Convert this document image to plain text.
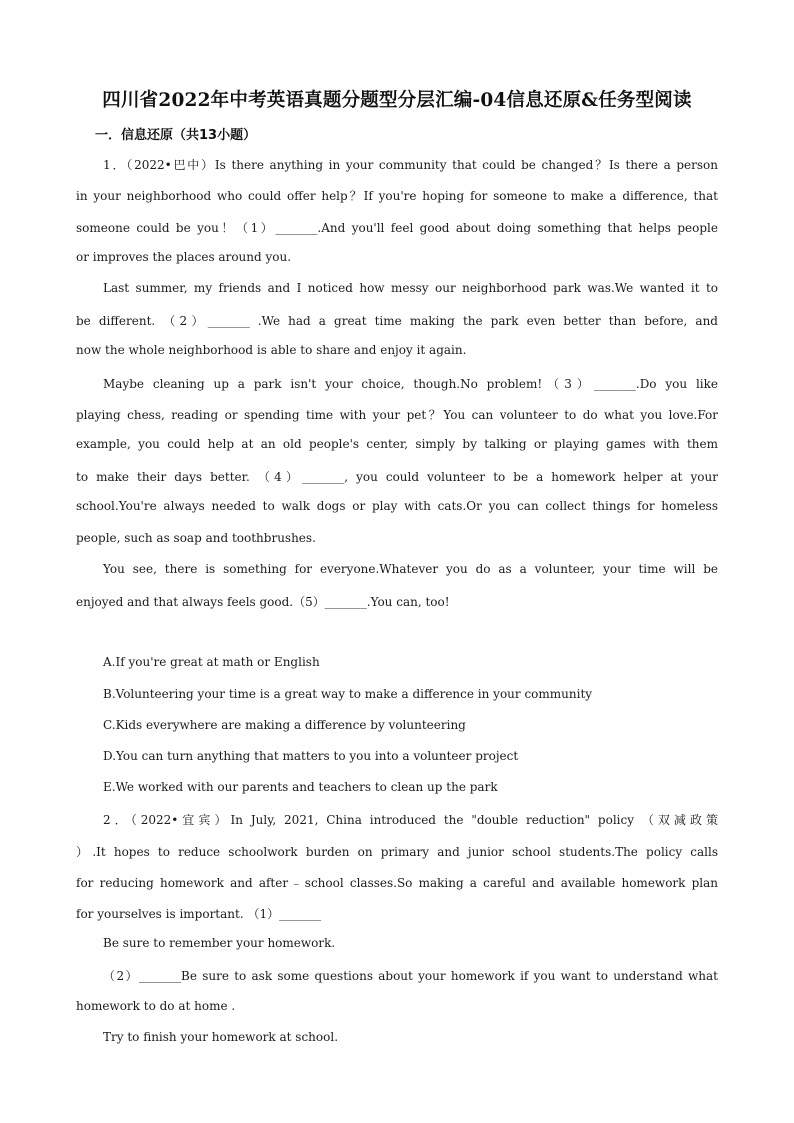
四川省2022年中考英语真题分题型分层汇编-04信息还原&任务型阅读
一．信息还原（共13小题）
1．（2022•巴中）Is there anything in your community that could be changed？Is there a person
in your neighborhood who could offer help？If you're hoping for someone to make a difference, that
someone could be you！（1）_______.And you'll feel good about doing something that helps people
or improves the places around you.
Last summer, my friends and I noticed how messy our neighborhood park was.We wanted it to
be different. （2）_______ .We had a great time making the park even better than before, and
now the whole neighborhood is able to share and enjoy it again.
Maybe cleaning up a park isn't your choice, though.No problem!（3）_______.Do you like
playing chess, reading or spending time with your pet？You can volunteer to do what you love.For
example, you could help at an old people's center, simply by talking or playing games with them
to make their days better. （4）_______, you could volunteer to be a homework helper at your
school.You're always needed to walk dogs or play with cats.Or you can collect things for homeless
people, such as soap and toothbrushes.
You see, there is something for everyone.Whatever you do as a volunteer, your time will be
enjoyed and that always feels good.（5）_______.You can, too!
A.If you're great at math or English
B.Volunteering your time is a great way to make a difference in your community
C.Kids everywhere are making a difference by volunteering
D.You can turn anything that matters to you into a volunteer project
E.We worked with our parents and teachers to clean up the park
2．（2022•宜宾）In July, 2021, China introduced the "double reduction" policy （双减政策
）.It hopes to reduce schoolwork burden on primary and junior school students.The policy calls
for reducing homework and after﹣school classes.So making a careful and available homework plan
for yourselves is important. （1）_______
Be sure to remember your homework.
（2）_______Be sure to ask some questions about your homework if you want to understand what
homework to do at home .
Try to finish your homework at school.
